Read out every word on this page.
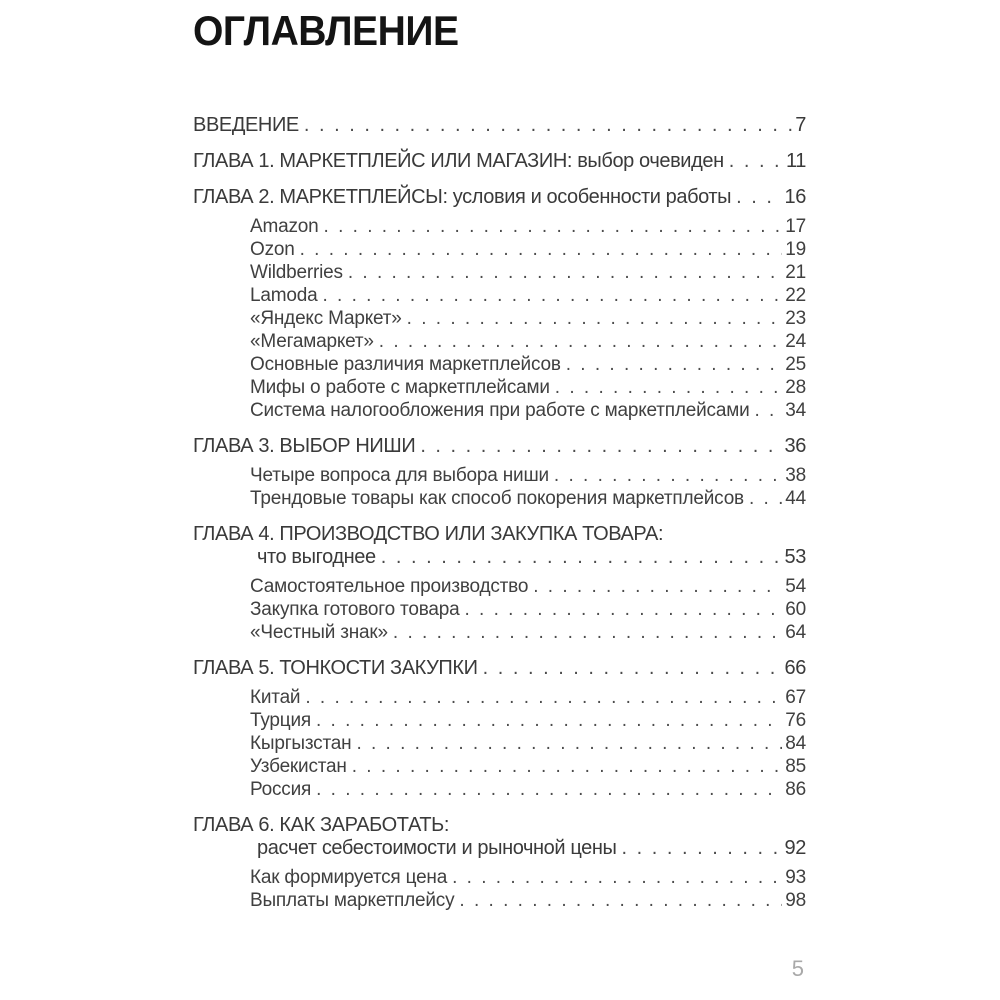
ОГЛАВЛЕНИЕ
ВВЕДЕНИЕ . . .	7
ГЛАВА 1. МАРКЕТПЛЕЙС ИЛИ МАГАЗИН: выбор очевиден . . .	11
ГЛАВА 2. МАРКЕТПЛЕЙСЫ: условия и особенности работы . . .	16
Amazon . . .	17
Ozon . . .	19
Wildberries . . .	21
Lamoda . . .	22
«Яндекс Маркет» . . .	23
«Мегамаркет» . . .	24
Основные различия маркетплейсов . . .	25
Мифы о работе с маркетплейсами . . .	28
Система налогообложения при работе с маркетплейсами . . . 34
ГЛАВА 3. ВЫБОР НИШИ . . .	36
Четыре вопроса для выбора ниши . . .	38
Трендовые товары как способ покорения маркетплейсов . . . 44
ГЛАВА 4. ПРОИЗВОДСТВО ИЛИ ЗАКУПКА ТОВАРА:
что выгоднее . . .	53
Самостоятельное производство . . .	54
Закупка готового товара . . .	60
«Честный знак» . . .	64
ГЛАВА 5. ТОНКОСТИ ЗАКУПКИ . . .	66
Китай . . .	67
Турция . . .	76
Кыргызстан . . .	84
Узбекистан . . .	85
Россия . . .	86
ГЛАВА 6. КАК ЗАРАБОТАТЬ:
расчет себестоимости и рыночной цены . . .	92
Как формируется цена . . .	93
Выплаты маркетплейсу . . .	98
5
